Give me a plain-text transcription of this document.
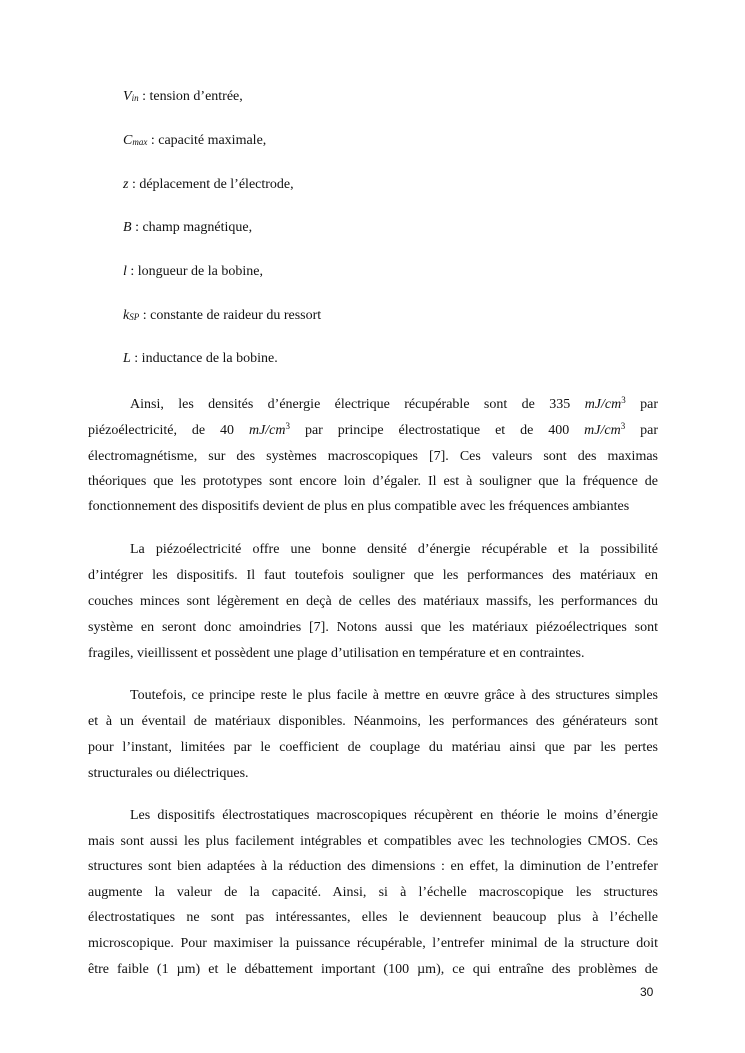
Vin : tension d’entrée,
Cmax : capacité maximale,
z : déplacement de l’électrode,
B : champ magnétique,
l : longueur de la bobine,
kSP : constante de raideur du ressort
L : inductance de la bobine.
Ainsi, les densités d’énergie électrique récupérable sont de 335 $mJ/cm^3$ par
piézoélectricité, de 40 $mJ/cm^3$ par principe électrostatique et de 400 $mJ/cm^3$ par
électromagnétisme, sur des systèmes macroscopiques [7]. Ces valeurs sont des maximas
théoriques que les prototypes sont encore loin d’égaler. Il est à souligner que la fréquence de
fonctionnement des dispositifs devient de plus en plus compatible avec les fréquences ambiantes
La piézoélectricité offre une bonne densité d’énergie récupérable et la possibilité
d’intégrer les dispositifs. Il faut toutefois souligner que les performances des matériaux en
couches minces sont légèrement en deçà de celles des matériaux massifs, les performances du
système en seront donc amoindries [7]. Notons aussi que les matériaux piézoélectriques sont
fragiles, vieillissent et possèdent une plage d’utilisation en température et en contraintes.
Toutefois, ce principe reste le plus facile à mettre en œuvre grâce à des structures simples
et à un éventail de matériaux disponibles. Néanmoins, les performances des générateurs sont
pour l’instant, limitées par le coefficient de couplage du matériau ainsi que par les pertes
structurales ou diélectriques.
Les dispositifs électrostatiques macroscopiques récupèrent en théorie le moins d’énergie
mais sont aussi les plus facilement intégrables et compatibles avec les technologies CMOS. Ces
structures sont bien adaptées à la réduction des dimensions : en effet, la diminution de l’entrefer
augmente la valeur de la capacité. Ainsi, si à l’échelle macroscopique les structures
électrostatiques ne sont pas intéressantes, elles le deviennent beaucoup plus à l’échelle
microscopique. Pour maximiser la puissance récupérable, l’entrefer minimal de la structure doit
être faible (1 µm) et le débattement important (100 µm), ce qui entraîne des problèmes de
30
